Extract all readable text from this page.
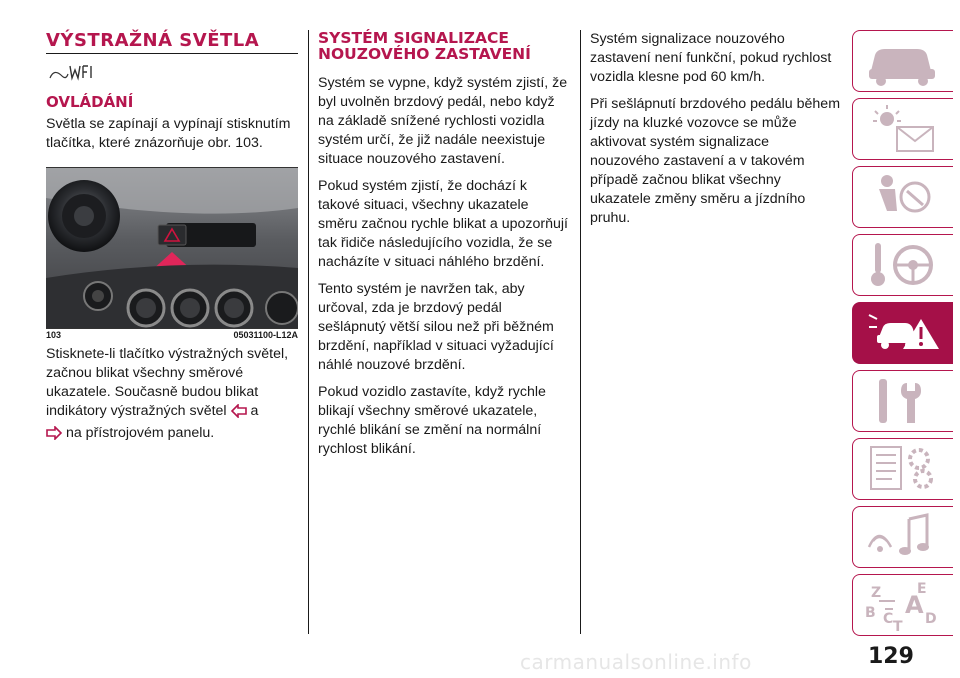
VÝSTRAŽNÁ SVĚTLA
OVLÁDÁNÍ

Světla se zapínají a vypínají stisknutím tlačítka, které znázorňuje obr. 103.

103	05031100-L12A

Stisknete-li tlačítko výstražných světel, začnou blikat všechny směrové ukazatele. Současně budou blikat indikátory výstražných světel a
na přístrojovém panelu.

SYSTÉM SIGNALIZACE NOUZOVÉHO ZASTAVENÍ

Systém se vypne, když systém zjistí, že byl uvolněn brzdový pedál, nebo když na základě snížené rychlosti vozidla systém určí, že již nadále neexistuje situace nouzového zastavení.

Pokud systém zjistí, že dochází k takové situaci, všechny ukazatele směru začnou rychle blikat a upozorňují tak řidiče následujícího vozidla, že se nacházíte v situaci náhlého brzdění.

Tento systém je navržen tak, aby určoval, zda je brzdový pedál sešlápnutý větší silou než při běžném brzdění, například v situaci vyžadující náhlé nouzové brzdění.

Pokud vozidlo zastavíte, když rychle blikají všechny směrové ukazatele, rychlé blikání se změní na normální rychlost blikání.

Systém signalizace nouzového zastavení není funkční, pokud rychlost vozidla klesne pod 60 km/h.

Při sešlápnutí brzdového pedálu během jízdy na kluzké vozovce se může aktivovat systém signalizace nouzového zastavení a v takovém případě začnou blikat všechny ukazatele změny směru a jízdního pruhu.

Z	E
B A
C T D
carmanualsonline.info	129
